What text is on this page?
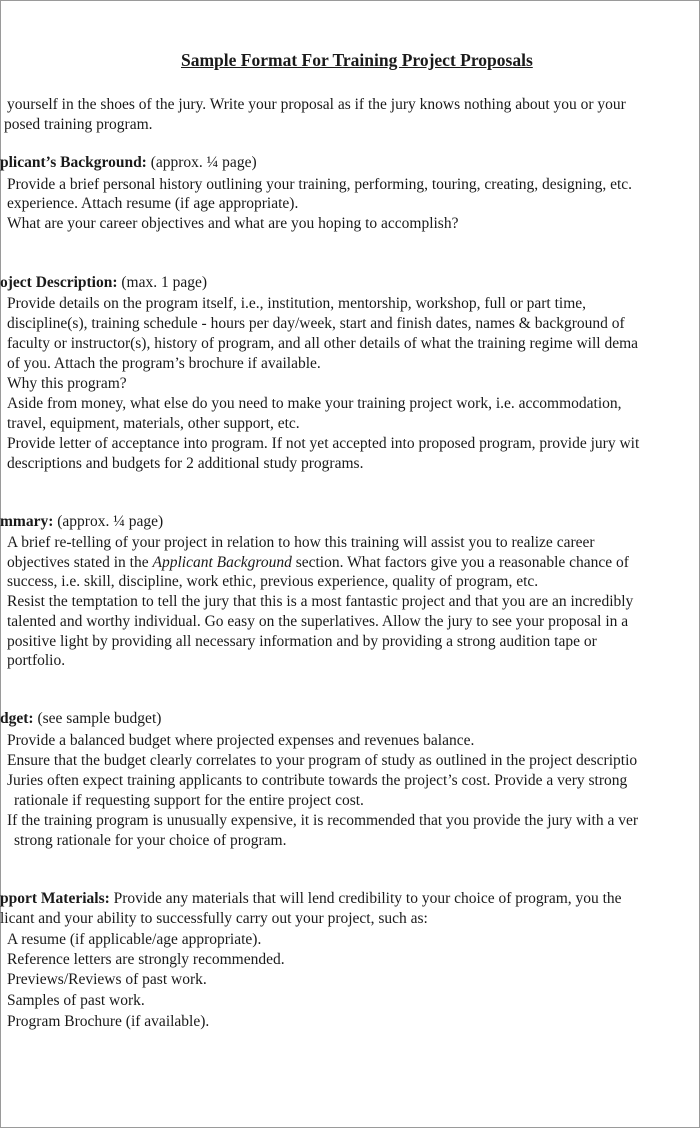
Sample Format For Training Project Proposals
yourself in the shoes of the jury. Write your proposal as if the jury knows nothing about you or your
posed training program.
plicant’s Background: (approx. ¼ page)
Provide a brief personal history outlining your training, performing, touring, creating, designing, etc.
experience. Attach resume (if age appropriate).
What are your career objectives and what are you hoping to accomplish?
oject Description: (max. 1 page)
Provide details on the program itself, i.e., institution, mentorship, workshop, full or part time,
discipline(s), training schedule - hours per day/week, start and finish dates, names & background of
faculty or instructor(s), history of program, and all other details of what the training regime will dema
of you. Attach the program’s brochure if available.
Why this program?
Aside from money, what else do you need to make your training project work, i.e. accommodation,
travel, equipment, materials, other support, etc.
Provide letter of acceptance into program. If not yet accepted into proposed program, provide jury wit
descriptions and budgets for 2 additional study programs.
mmary: (approx. ¼ page)
A brief re-telling of your project in relation to how this training will assist you to realize career
objectives stated in the Applicant Background section. What factors give you a reasonable chance of
success, i.e. skill, discipline, work ethic, previous experience, quality of program, etc.
Resist the temptation to tell the jury that this is a most fantastic project and that you are an incredibly
talented and worthy individual. Go easy on the superlatives. Allow the jury to see your proposal in a
positive light by providing all necessary information and by providing a strong audition tape or
portfolio.
dget: (see sample budget)
Provide a balanced budget where projected expenses and revenues balance.
Ensure that the budget clearly correlates to your program of study as outlined in the project descriptio
Juries often expect training applicants to contribute towards the project’s cost. Provide a very strong
rationale if requesting support for the entire project cost.
If the training program is unusually expensive, it is recommended that you provide the jury with a ver
strong rationale for your choice of program.
pport Materials: Provide any materials that will lend credibility to your choice of program, you the
licant and your ability to successfully carry out your project, such as:
A resume (if applicable/age appropriate).
Reference letters are strongly recommended.
Previews/Reviews of past work.
Samples of past work.
Program Brochure (if available).
